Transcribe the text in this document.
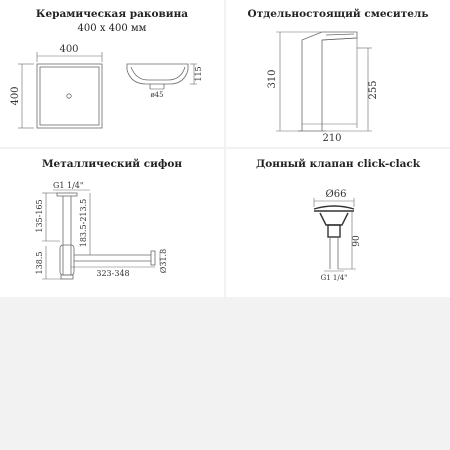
Керамическая раковина
400 х 400 мм
400
400	ø45
115
Отдельностоящий смеситель
310
255
210
Металлический сифон
G1 1/4"
135-165
138.5
183.5-213.5
323-348
Ø31.8
Донный клапан click-clack
Ø66
90
G1 1/4"
